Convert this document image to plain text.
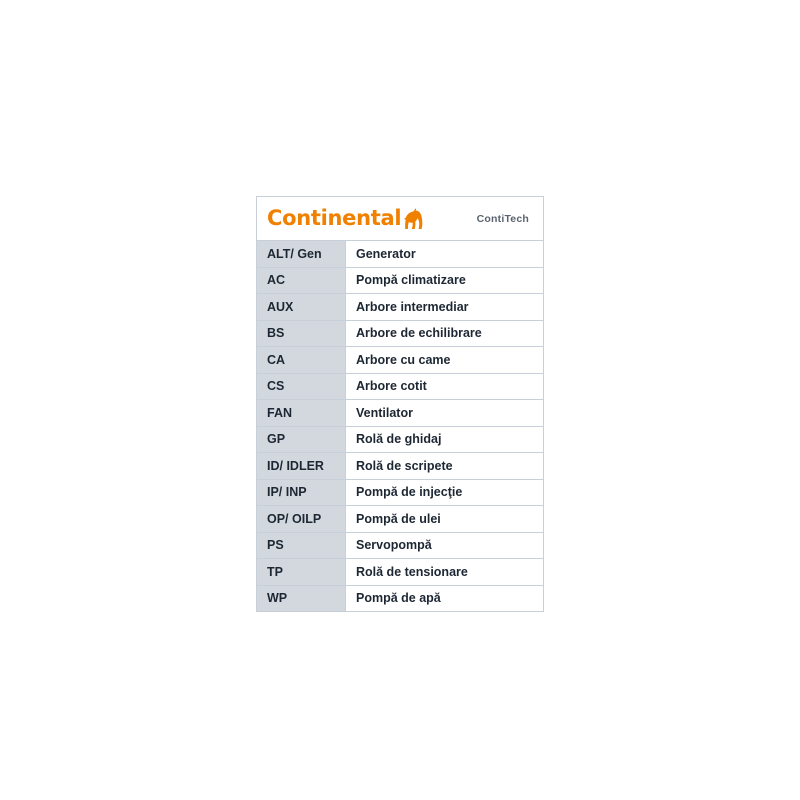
Continental	ContiTech
ALT/ Gen	Generator
AC	Pompă climatizare
AUX	Arbore intermediar
BS	Arbore de echilibrare
CA	Arbore cu came
CS	Arbore cotit
FAN	Ventilator
GP	Rolă de ghidaj
ID/ IDLER	Rolă de scripete
IP/ INP	Pompă de injecţie
OP/ OILP	Pompă de ulei
PS	Servopompă
TP	Rolă de tensionare
WP	Pompă de apă
